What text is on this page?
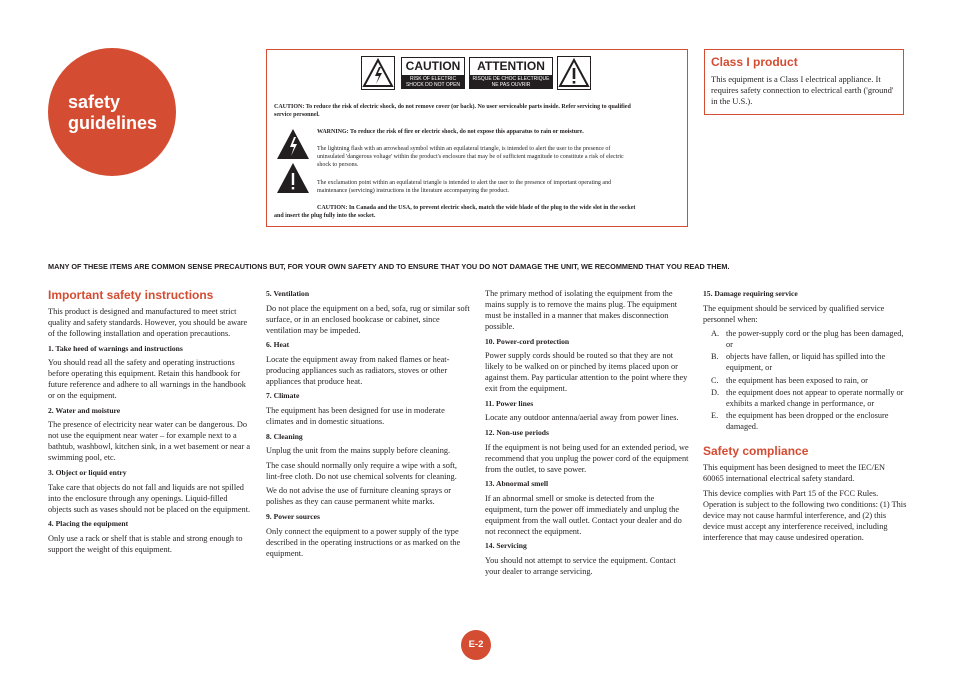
safety
guidelines
CAUTION
RISK OF ELECTRIC
SHOCK DO NOT OPEN
ATTENTION
RISQUE DE CHOC ELECTRIQUE
NE PAS OUVRIR
CAUTION: To reduce the risk of electric shock, do not remove cover (or back). No user serviceable parts inside. Refer servicing to qualified
service personnel.
WARNING: To reduce the risk of fire or electric shock, do not expose this apparatus to rain or moisture.
The lightning flash with an arrowhead symbol within an equilateral triangle, is intended to alert the user to the presence of
uninsulated 'dangerous voltage' within the product's enclosure that may be of sufficient magnitude to constitute a risk of electric
shock to persons.
The exclamation point within an equilateral triangle is intended to alert the user to the presence of important operating and
maintenance (servicing) instructions in the literature accompanying the product.
CAUTION: In Canada and the USA, to prevent electric shock, match the wide blade of the plug to the wide slot in the socket
and insert the plug fully into the socket.
Class I product
This equipment is a Class I electrical appliance. It requires safety connection to electrical earth ('ground' in the U.S.).
MANY OF THESE ITEMS ARE COMMON SENSE PRECAUTIONS BUT, FOR YOUR OWN SAFETY AND TO ENSURE THAT YOU DO NOT DAMAGE THE UNIT, WE RECOMMEND THAT YOU READ THEM.
Important safety instructions

This product is designed and manufactured to meet strict quality and safety standards. However, you should be aware of the following installation and operation precautions.

1. Take heed of warnings and instructions

You should read all the safety and operating instructions before operating this equipment. Retain this handbook for future reference and adhere to all warnings in the handbook or on the equipment.

2. Water and moisture

The presence of electricity near water can be dangerous. Do not use the equipment near water – for example next to a bathtub, washbowl, kitchen sink, in a wet basement or near a swimming pool, etc.

3. Object or liquid entry

Take care that objects do not fall and liquids are not spilled into the enclosure through any openings. Liquid-filled objects such as vases should not be placed on the equipment.

4. Placing the equipment

Only use a rack or shelf that is stable and strong enough to support the weight of this equipment.

5. Ventilation

Do not place the equipment on a bed, sofa, rug or similar soft surface, or in an enclosed bookcase or cabinet, since ventilation may be impeded.

6. Heat

Locate the equipment away from naked flames or heat-producing appliances such as radiators, stoves or other appliances that produce heat.

7. Climate

The equipment has been designed for use in moderate climates and in domestic situations.

8. Cleaning

Unplug the unit from the mains supply before cleaning.

The case should normally only require a wipe with a soft, lint-free cloth. Do not use chemical solvents for cleaning.

We do not advise the use of furniture cleaning sprays or polishes as they can cause permanent white marks.

9. Power sources

Only connect the equipment to a power supply of the type described in the operating instructions or as marked on the equipment.

The primary method of isolating the equipment from the mains supply is to remove the mains plug. The equipment must be installed in a manner that makes disconnection possible.

10. Power-cord protection

Power supply cords should be routed so that they are not likely to be walked on or pinched by items placed upon or against them. Pay particular attention to the point where they exit from the equipment.

11. Power lines

Locate any outdoor antenna/aerial away from power lines.

12. Non-use periods

If the equipment is not being used for an extended period, we recommend that you unplug the power cord of the equipment from the outlet, to save power.

13. Abnormal smell

If an abnormal smell or smoke is detected from the equipment, turn the power off immediately and unplug the equipment from the wall outlet. Contact your dealer and do not reconnect the equipment.

14. Servicing

You should not attempt to service the equipment. Contact your dealer to arrange servicing.

15. Damage requiring service

The equipment should be serviced by qualified service personnel when:

A. the power-supply cord or the plug has been damaged, or
B. objects have fallen, or liquid has spilled into the equipment, or
C. the equipment has been exposed to rain, or
D. the equipment does not appear to operate normally or exhibits a marked change in performance, or
E. the equipment has been dropped or the enclosure damaged.
Safety compliance

This equipment has been designed to meet the IEC/EN 60065 international electrical safety standard.

This device complies with Part 15 of the FCC Rules. Operation is subject to the following two conditions: (1) This device may not cause harmful interference, and (2) this device must accept any interference received, including interference that may cause undesired operation.

E-2
